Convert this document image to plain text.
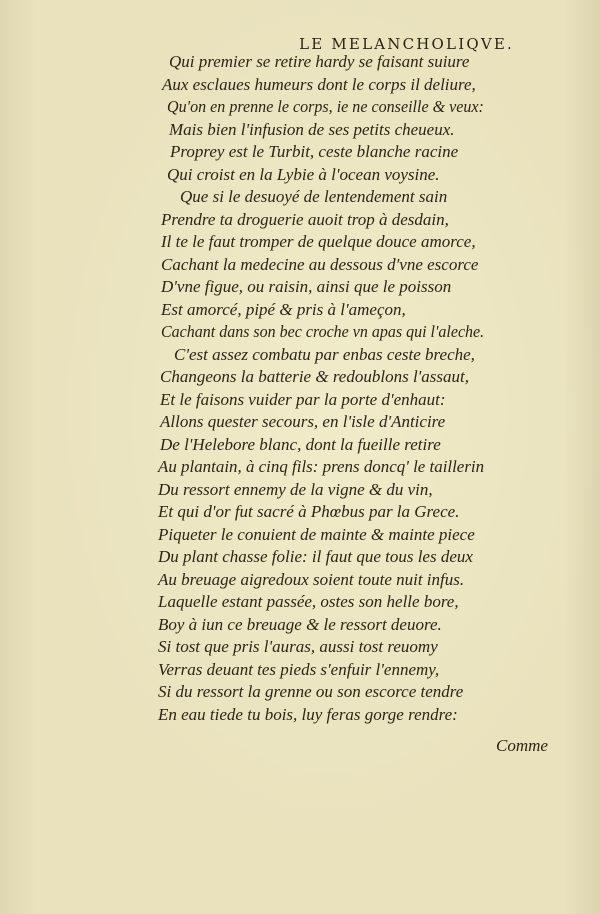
LE MELANCHOLIQVE.
Qui premier se retire hardy se faisant suiure
Aux esclaues humeurs dont le corps il deliure,
Qu'on en prenne le corps, ie ne conseille & veux:
Mais bien l'infusion de ses petits cheueux.
Proprey est le Turbit, ceste blanche racine
Qui croist en la Lybie à l'ocean voysine.
Que si le desuoyé de lentendement sain
Prendre ta droguerie auoit trop à desdain,
Il te le faut tromper de quelque douce amorce,
Cachant la medecine au dessous d'vne escorce
D'vne figue, ou raisin, ainsi que le poisson
Est amorcé, pipé & pris à l'ameçon,
Cachant dans son bec croche vn apas qui l'aleche.
C'est assez combatu par enbas ceste breche,
Changeons la batterie & redoublons l'assaut,
Et le faisons vuider par la porte d'enhaut:
Allons quester secours, en l'isle d'Anticire
De l'Helebore blanc, dont la fueille retire
Au plantain, à cinq fils: prens doncq' le taillerin
Du ressort ennemy de la vigne & du vin,
Et qui d'or fut sacré à Phœbus par la Grece.
Piqueter le conuient de mainte & mainte piece
Du plant chasse folie: il faut que tous les deux
Au breuage aigredoux soient toute nuit infus.
Laquelle estant passée, ostes son helle bore,
Boy à iun ce breuage & le ressort deuore.
Si tost que pris l'auras, aussi tost reuomy
Verras deuant tes pieds s'enfuir l'ennemy,
Si du ressort la grenne ou son escorce tendre
En eau tiede tu bois, luy feras gorge rendre:
Comme
